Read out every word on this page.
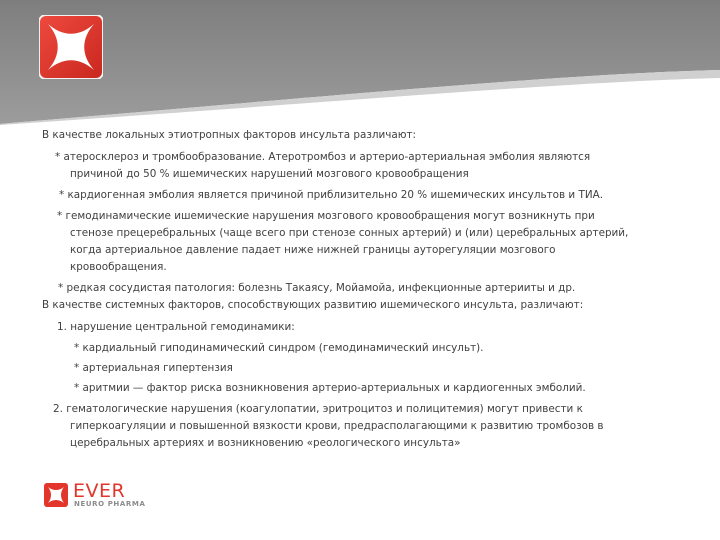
В качестве локальных этиотропных факторов инсульта различают:
* атеросклероз и тромбообразование. Атеротромбоз и артерио-артериальная эмболия являются
причиной до 50 % ишемических нарушений мозгового кровообращения
* кардиогенная эмболия является причиной приблизительно 20 % ишемических инсультов и ТИА.
* гемодинамические ишемические нарушения мозгового кровообращения могут возникнуть при
стенозе прецеребральных (чаще всего при стенозе сонных артерий) и (или) церебральных артерий,
когда артериальное давление падает ниже нижней границы ауторегуляции мозгового
кровообращения.
* редкая сосудистая патология: болезнь Такаясу, Мойамойа, инфекционные артерииты и др.
В качестве системных факторов, способствующих развитию ишемического инсульта, различают:
1. нарушение центральной гемодинамики:
* кардиальный гиподинамический синдром (гемодинамический инсульт).
* артериальная гипертензия
* аритмии — фактор риска возникновения артерио-артериальных и кардиогенных эмболий.
2. гематологические нарушения (коагулопатии, эритроцитоз и полицитемия) могут привести к
гиперкоагуляции и повышенной вязкости крови, предрасполагающими к развитию тромбозов в
церебральных артериях и возникновению «реологического инсульта»
EVER
NEURO PHARMA
